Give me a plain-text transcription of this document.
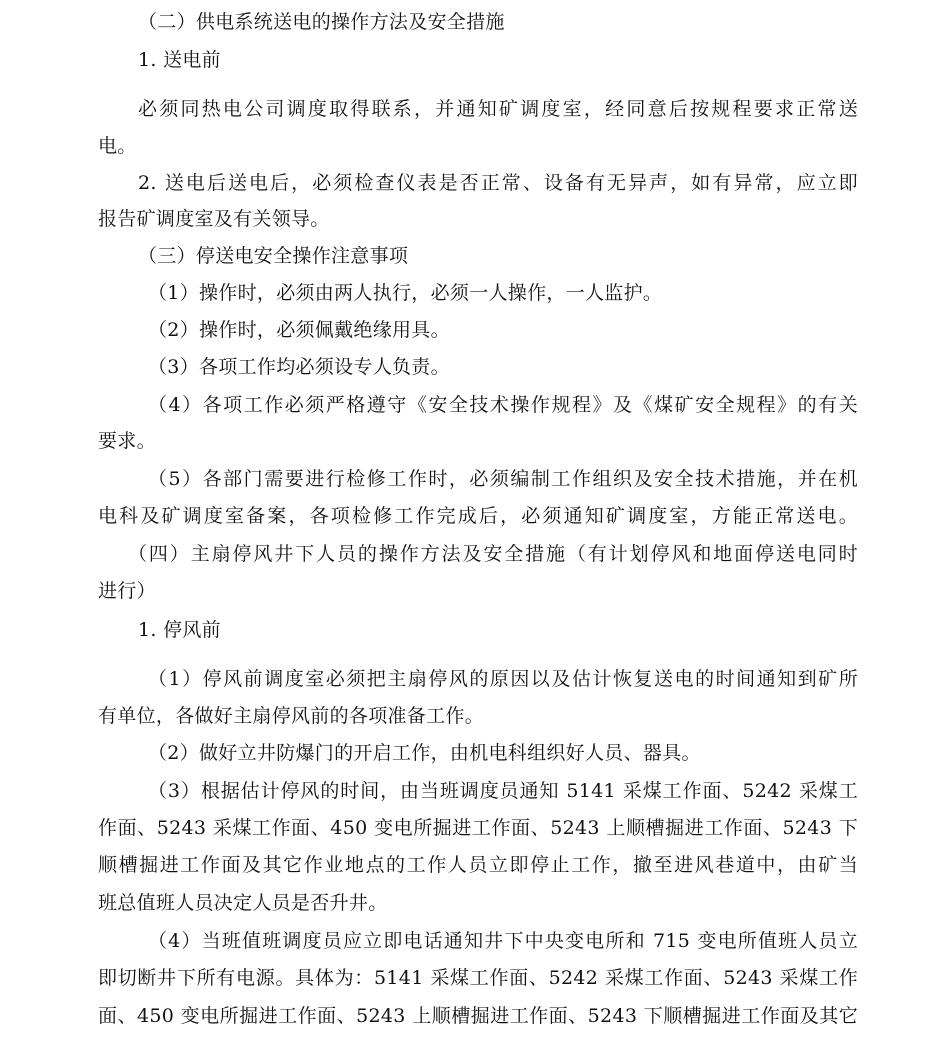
（二）供电系统送电的操作方法及安全措施
1. 送电前
必须同热电公司调度取得联系，并通知矿调度室，经同意后按规程要求正常送
电。
2. 送电后送电后，必须检查仪表是否正常、设备有无异声，如有异常，应立即
报告矿调度室及有关领导。
（三）停送电安全操作注意事项
（1）操作时，必须由两人执行，必须一人操作，一人监护。
（2）操作时，必须佩戴绝缘用具。
（3）各项工作均必须设专人负责。
（4）各项工作必须严格遵守《安全技术操作规程》及《煤矿安全规程》的有关
要求。
（5）各部门需要进行检修工作时，必须编制工作组织及安全技术措施，并在机
电科及矿调度室备案，各项检修工作完成后，必须通知矿调度室，方能正常送电。
（四）主扇停风井下人员的操作方法及安全措施（有计划停风和地面停送电同时
进行）
1. 停风前
（1）停风前调度室必须把主扇停风的原因以及估计恢复送电的时间通知到矿所
有单位，各做好主扇停风前的各项准备工作。
（2）做好立井防爆门的开启工作，由机电科组织好人员、器具。
（3）根据估计停风的时间，由当班调度员通知 5141 采煤工作面、5242 采煤工
作面、5243 采煤工作面、450 变电所掘进工作面、5243 上顺槽掘进工作面、5243 下
顺槽掘进工作面及其它作业地点的工作人员立即停止工作，撤至进风巷道中，由矿当
班总值班人员决定人员是否升井。
（4）当班值班调度员应立即电话通知井下中央变电所和 715 变电所值班人员立
即切断井下所有电源。具体为：5141 采煤工作面、5242 采煤工作面、5243 采煤工作
面、450 变电所掘进工作面、5243 上顺槽掘进工作面、5243 下顺槽掘进工作面及其它
